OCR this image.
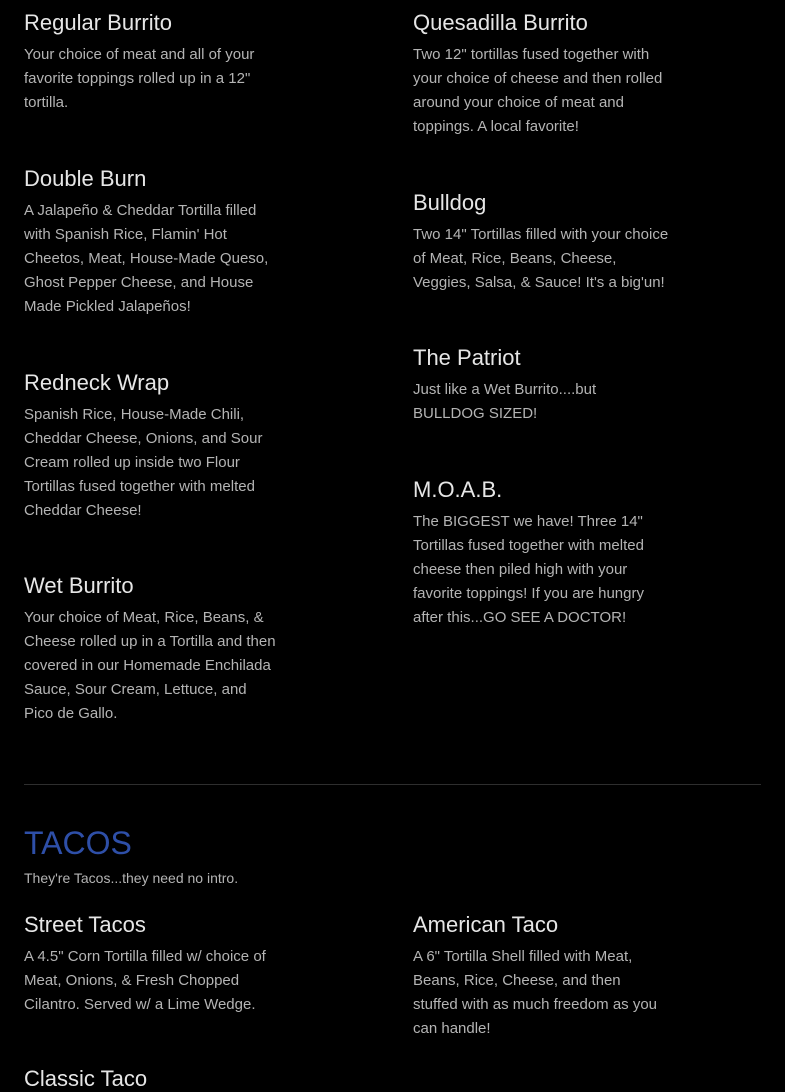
Regular Burrito

Your choice of meat and all of your favorite toppings rolled up in a 12" tortilla.

Double Burn

A Jalapeño & Cheddar Tortilla filled with Spanish Rice, Flamin' Hot Cheetos, Meat, House-Made Queso, Ghost Pepper Cheese, and House Made Pickled Jalapeños!

Redneck Wrap

Spanish Rice, House-Made Chili, Cheddar Cheese, Onions, and Sour Cream rolled up inside two Flour Tortillas fused together with melted Cheddar Cheese!

Wet Burrito

Your choice of Meat, Rice, Beans, & Cheese rolled up in a Tortilla and then covered in our Homemade Enchilada Sauce, Sour Cream, Lettuce, and Pico de Gallo.

Quesadilla Burrito

Two 12" tortillas fused together with your choice of cheese and then rolled around your choice of meat and toppings. A local favorite!

Bulldog

Two 14" Tortillas filled with your choice of Meat, Rice, Beans, Cheese, Veggies, Salsa, & Sauce! It's a big'un!

The Patriot

Just like a Wet Burrito....but BULLDOG SIZED!

M.O.A.B.

The BIGGEST we have! Three 14" Tortillas fused together with melted cheese then piled high with your favorite toppings! If you are hungry after this...GO SEE A DOCTOR!

TACOS

They're Tacos...they need no intro.

Street Tacos

A 4.5" Corn Tortilla filled w/ choice of Meat, Onions, & Fresh Chopped Cilantro. Served w/ a Lime Wedge.

American Taco

A 6" Tortilla Shell filled with Meat, Beans, Rice, Cheese, and then stuffed with as much freedom as you can handle!

Classic Taco
